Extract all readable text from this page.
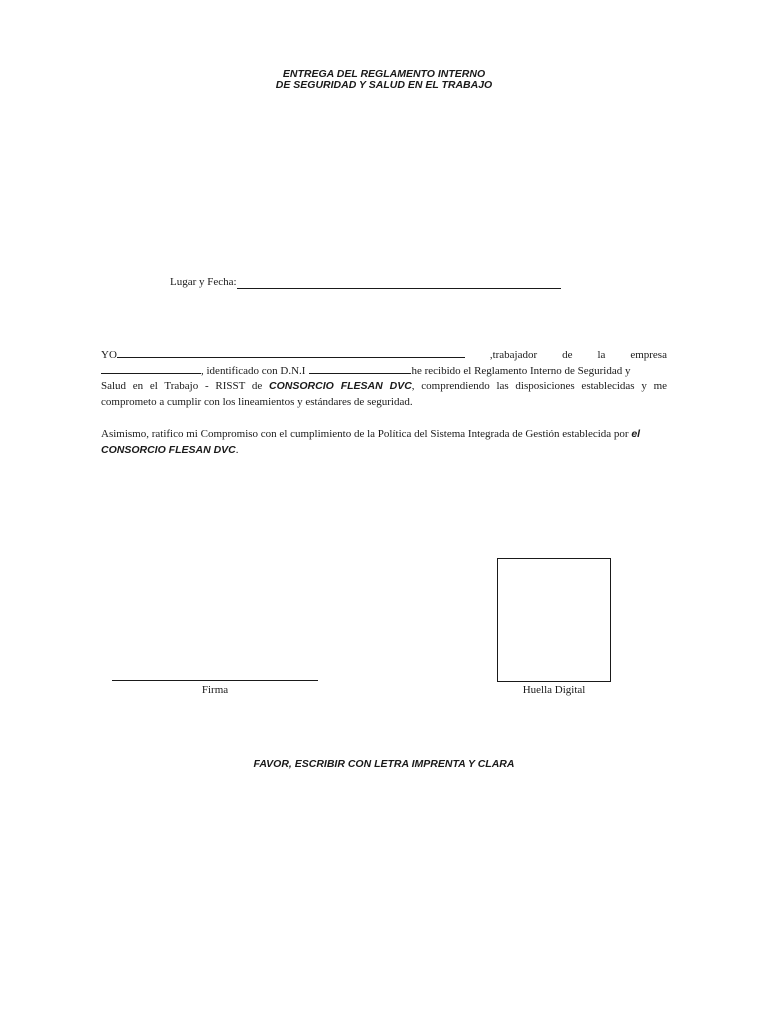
ENTREGA DEL REGLAMENTO INTERNO
DE SEGURIDAD Y SALUD EN EL TRABAJO
Lugar y Fecha:
YO	,trabajador de la empresa
, identificado con D.N.I	he recibido el Reglamento Interno de Seguridad y
Salud en el Trabajo - RISST de CONSORCIO FLESAN DVC, comprendiendo las disposiciones establecidas y me
comprometo a cumplir con los lineamientos y estándares de seguridad.
Asimismo, ratifico mi Compromiso con el cumplimiento de la Política del Sistema Integrada de Gestión establecida por el CONSORCIO FLESAN DVC.
Firma	Huella Digital
FAVOR, ESCRIBIR CON LETRA IMPRENTA Y CLARA
